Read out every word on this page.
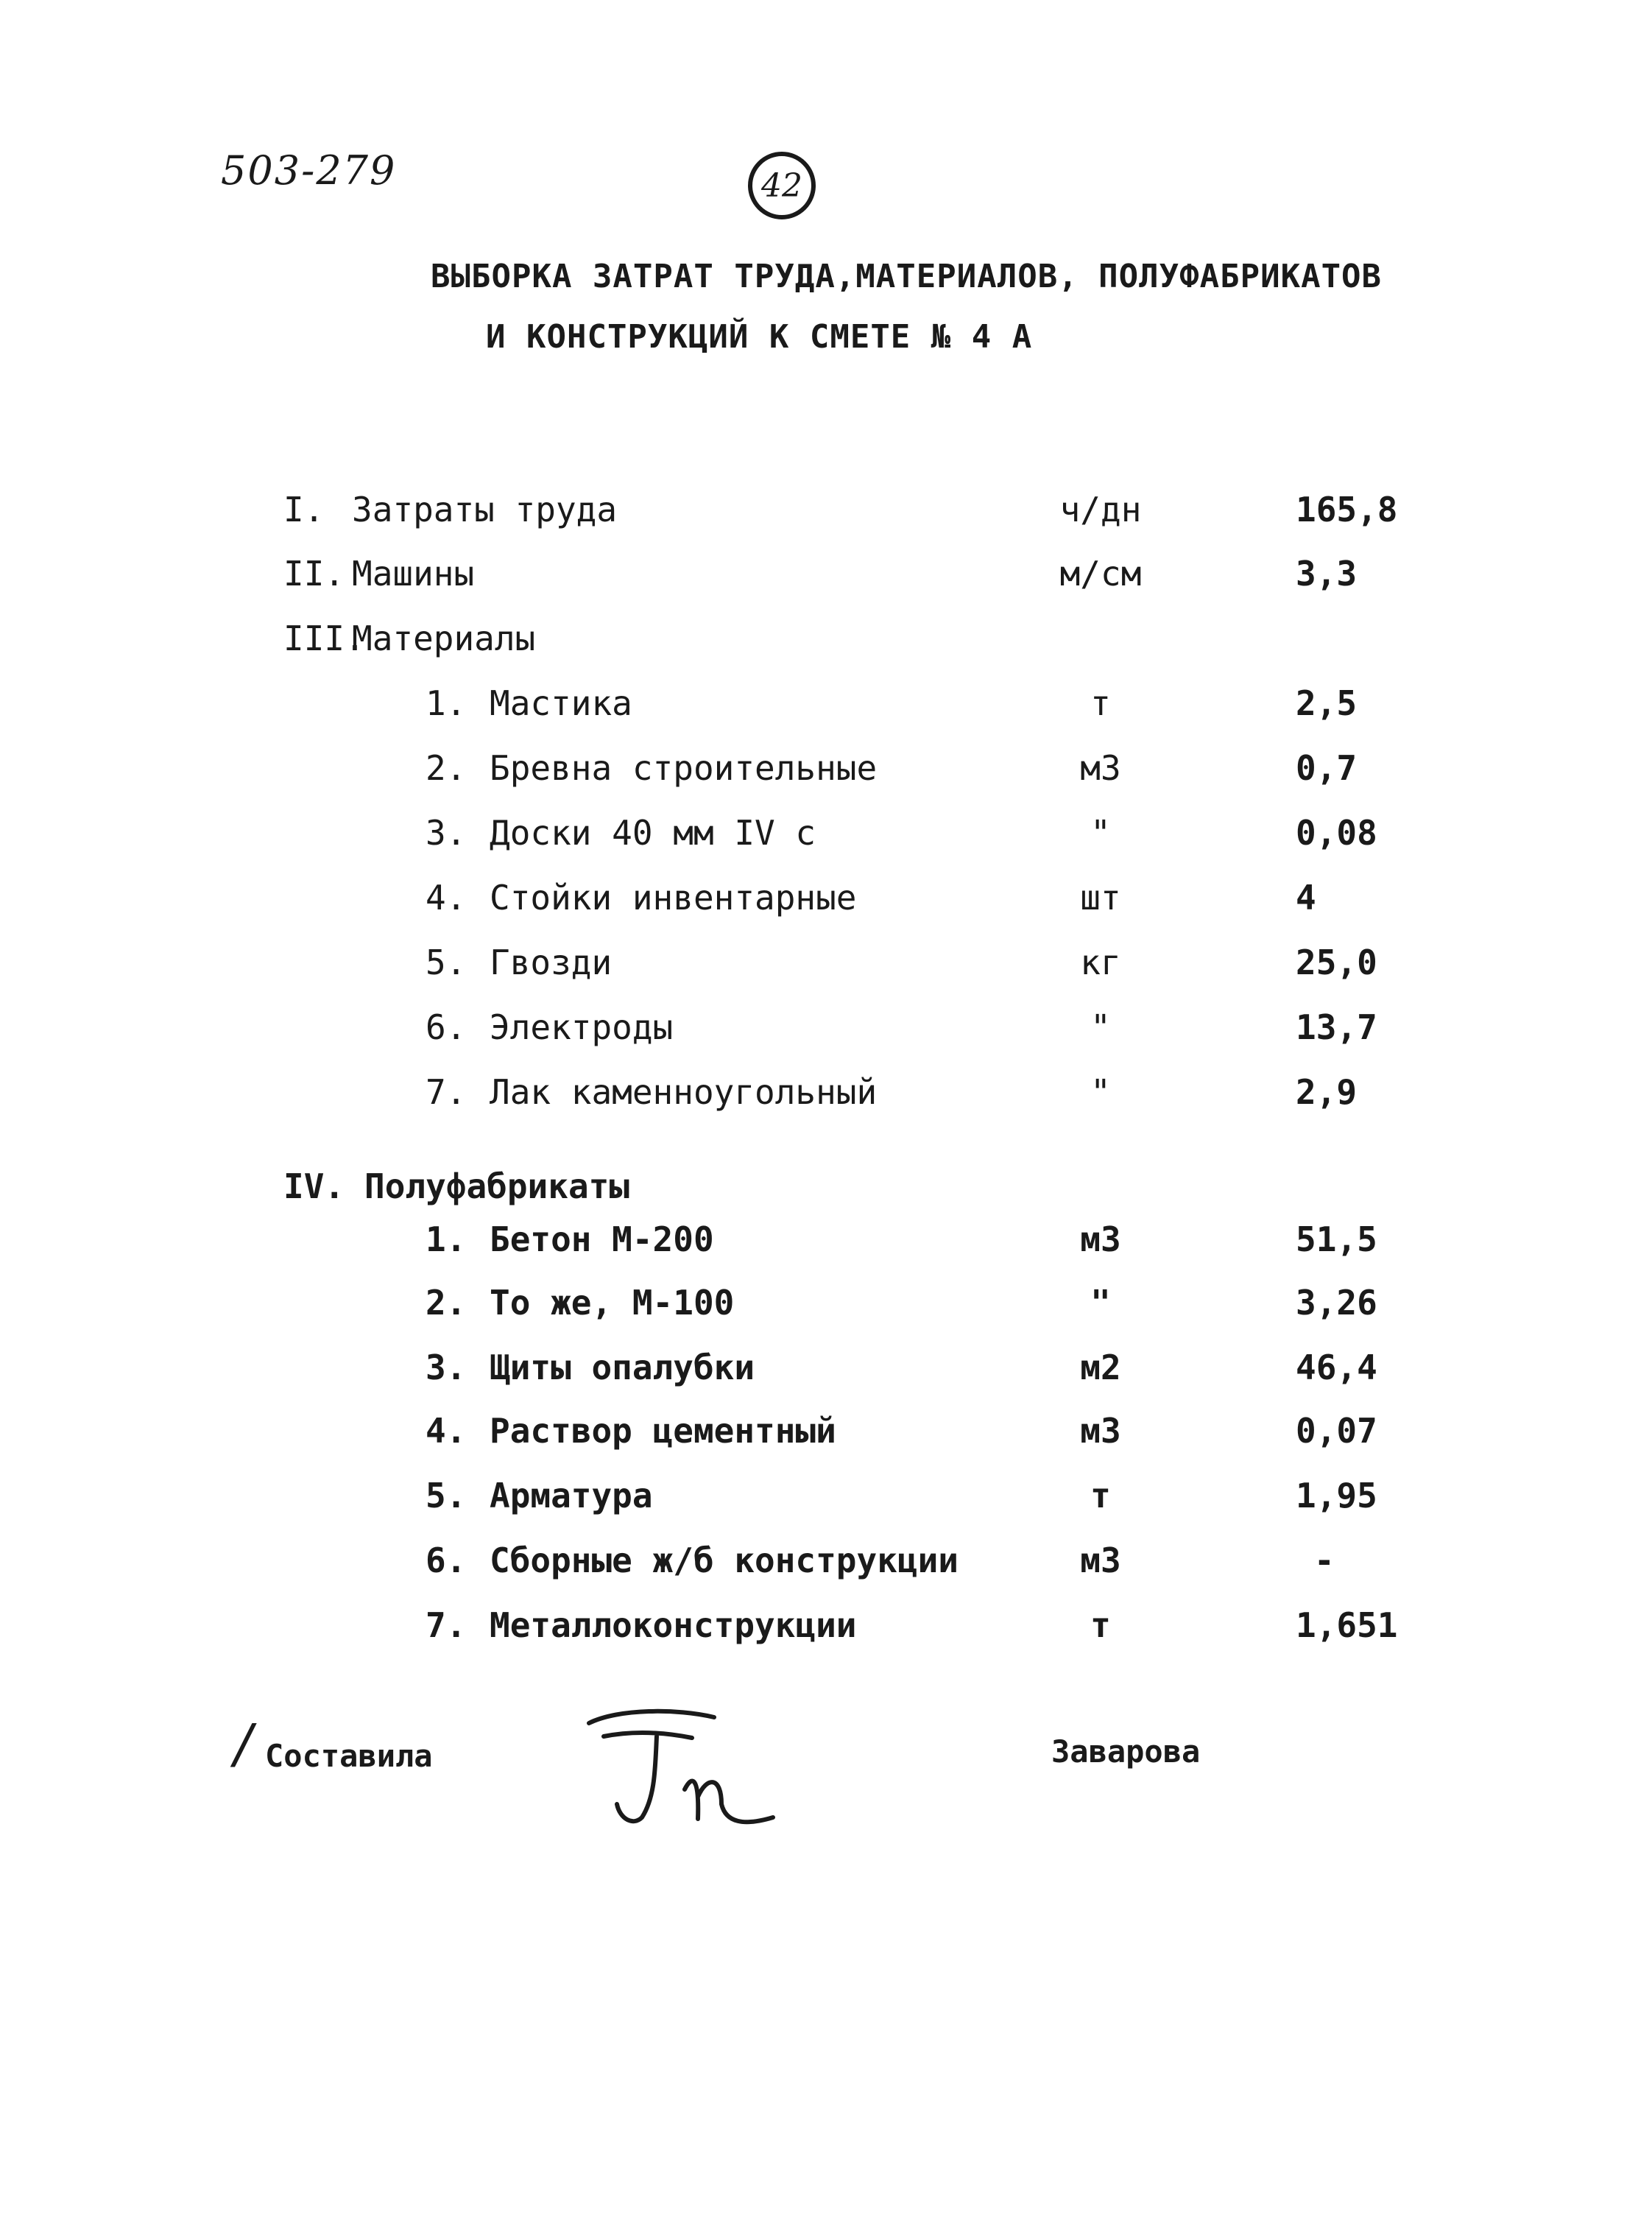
503-279	42
ВЫБОРКА ЗАТРАТ ТРУДА,МАТЕРИАЛОВ, ПОЛУФАБРИКАТОВ
И КОНСТРУКЦИЙ К СМЕТЕ № 4 А
I. Затраты труда	ч/дн	165,8
II. Машины	м/см	3,3
III.
Материалы
1. Мастика	т	2,5
2. Бревна строительные	м3	0,7
3. Доски 40 мм IV с	"	0,08
4. Стойки инвентарные	шт	4
5. Гвозди	кг	25,0
6. Электроды	"	13,7
7. Лак каменноугольный	"	2,9
IV. Полуфабрикаты
1. Бетон М-200	м3	51,5
2. То же, М-100	"	3,26
3. Щиты опалубки	м2	46,4
4. Раствор цементный	м3	0,07
5. Арматура	т	1,95
6. Сборные ж/б конструкции	м3	-
7. Металлоконструкции	т	1,651
/ Составила	Заварова
